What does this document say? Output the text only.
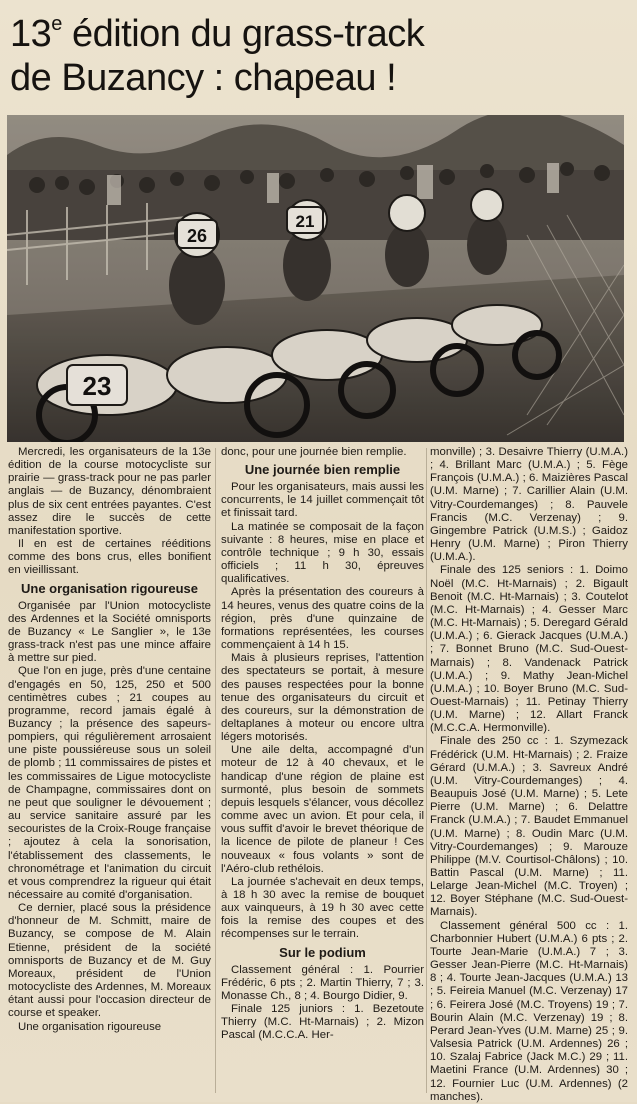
13e édition du grass-track
de Buzancy : chapeau !
23
26
21

Mercredi, les organisateurs de la 13e édition de la course motocycliste sur prairie — grass-track pour ne pas parler anglais — de Buzancy, dénombraient plus de six cent entrées payantes. C'est assez dire le succès de cette manifestation sportive.

Il en est de certaines rééditions comme des bons crus, elles bonifient en vieillissant.

Une organisation rigoureuse

Organisée par l'Union motocycliste des Ardennes et la Société omnisports de Buzancy « Le Sanglier », le 13e grass-track n'est pas une mince affaire à mettre sur pied.

Que l'on en juge, près d'une centaine d'engagés en 50, 125, 250 et 500 centimètres cubes ; 21 coupes au programme, record jamais égalé à Buzancy ; la présence des sapeurs-pompiers, qui régulièrement arrosaient une piste poussiéreuse sous un soleil de plomb ; 11 commissaires de pistes et les commissaires de Ligue motocycliste de Champagne, commissaires dont on ne peut que souligner le dévouement ; au service sanitaire assuré par les secouristes de la Croix-Rouge française ; ajoutez à cela la sonorisation, l'établissement des classements, le chronométrage et l'animation du circuit et vous comprendrez la rigueur qui était nécessaire au comité d'organisation.

Ce dernier, placé sous la présidence d'honneur de M. Schmitt, maire de Buzancy, se compose de M. Alain Etienne, président de la société omnisports de Buzancy et de M. Guy Moreaux, président de l'Union motocycliste des Ardennes, M. Moreaux étant aussi pour l'occasion directeur de course et speaker.

Une organisation rigoureuse

donc, pour une journée bien remplie.

Une journée bien remplie

Pour les organisateurs, mais aussi les concurrents, le 14 juillet commençait tôt et finissait tard.

La matinée se composait de la façon suivante : 8 heures, mise en place et contrôle technique ; 9 h 30, essais officiels ; 11 h 30, épreuves qualificatives.

Après la présentation des coureurs à 14 heures, venus des quatre coins de la région, près d'une quinzaine de formations représentées, les courses commençaient à 14 h 15.

Mais à plusieurs reprises, l'attention des spectateurs se portait, à mesure des pauses respectées pour la bonne tenue des organisateurs du circuit et des coureurs, sur la démonstration de deltaplanes à moteur ou encore ultra légers motorisés.

Une aile delta, accompagné d'un moteur de 12 à 40 chevaux, et le handicap d'une région de plaine est surmonté, plus besoin de sommets depuis lesquels s'élancer, vous décollez comme avec un avion. Et pour cela, il vous suffit d'avoir le brevet théorique de la licence de pilote de planeur ! Ces nouveaux « fous volants » sont de l'Aéro-club rethélois.

La journée s'achevait en deux temps, à 18 h 30 avec la remise de bouquet aux vainqueurs, à 19 h 30 avec cette fois la remise des coupes et des récompenses sur le terrain.

Sur le podium

Classement général : 1. Pourrier Frédéric, 6 pts ; 2. Martin Thierry, 7 ; 3. Monasse Ch., 8 ; 4. Bourgo Didier, 9.

Finale 125 juniors : 1. Bezetoute Thierry (M.C. Ht-Marnais) ; 2. Mizon Pascal (M.C.C.A. Her-

monville) ; 3. Desaivre Thierry (U.M.A.) ; 4. Brillant Marc (U.M.A.) ; 5. Fège François (U.M.A.) ; 6. Maizières Pascal (U.M. Marne) ; 7. Carillier Alain (U.M. Vitry-Courdemanges) ; 8. Pauvele Francis (M.C. Verzenay) ; 9. Gingembre Patrick (U.M.S.) ; Gaidoz Henry (U.M. Marne) ; Piron Thierry (U.M.A.).

Finale des 125 seniors : 1. Doimo Noël (M.C. Ht-Marnais) ; 2. Bigault Benoit (M.C. Ht-Marnais) ; 3. Coutelot (M.C. Ht-Marnais) ; 4. Gesser Marc (M.C. Ht-Marnais) ; 5. Deregard Gérald (U.M.A.) ; 6. Gierack Jacques (U.M.A.) ; 7. Bonnet Bruno (M.C. Sud-Ouest-Marnais) ; 8. Vandenack Patrick (U.M.A.) ; 9. Mathy Jean-Michel (U.M.A.) ; 10. Boyer Bruno (M.C. Sud-Ouest-Marnais) ; 11. Petinay Thierry (U.M. Marne) ; 12. Allart Franck (M.C.C.A. Hermonville).

Finale des 250 cc : 1. Szymezack Frédérick (U.M. Ht-Marnais) ; 2. Fraize Gérard (U.M.A.) ; 3. Savreux André (U.M. Vitry-Courdemanges) ; 4. Beaupuis José (U.M. Marne) ; 5. Lete Pierre (U.M. Marne) ; 6. Delattre Franck (U.M.A.) ; 7. Baudet Emmanuel (U.M. Marne) ; 8. Oudin Marc (U.M. Vitry-Courdemanges) ; 9. Marouze Philippe (M.V. Courtisol-Châlons) ; 10. Battin Pascal (U.M. Marne) ; 11. Lelarge Jean-Michel (M.C. Troyen) ; 12. Boyer Stéphane (M.C. Sud-Ouest-Marnais).

Classement général 500 cc : 1. Charbonnier Hubert (U.M.A.) 6 pts ; 2. Tourte Jean-Marie (U.M.A.) 7 ; 3. Gesser Jean-Pierre (M.C. Ht-Marnais) 8 ; 4. Tourte Jean-Jacques (U.M.A.) 13 ; 5. Feireia Manuel (M.C. Verzenay) 17 ; 6. Feirera José (M.C. Troyens) 19 ; 7. Bourin Alain (M.C. Verzenay) 19 ; 8. Perard Jean-Yves (U.M. Marne) 25 ; 9. Valsesia Patrick (U.M. Ardennes) 26 ; 10. Szalaj Fabrice (Jack M.C.) 29 ; 11. Maetini France (U.M. Ardennes) 30 ; 12. Fournier Luc (U.M. Ardennes) (2 manches).
